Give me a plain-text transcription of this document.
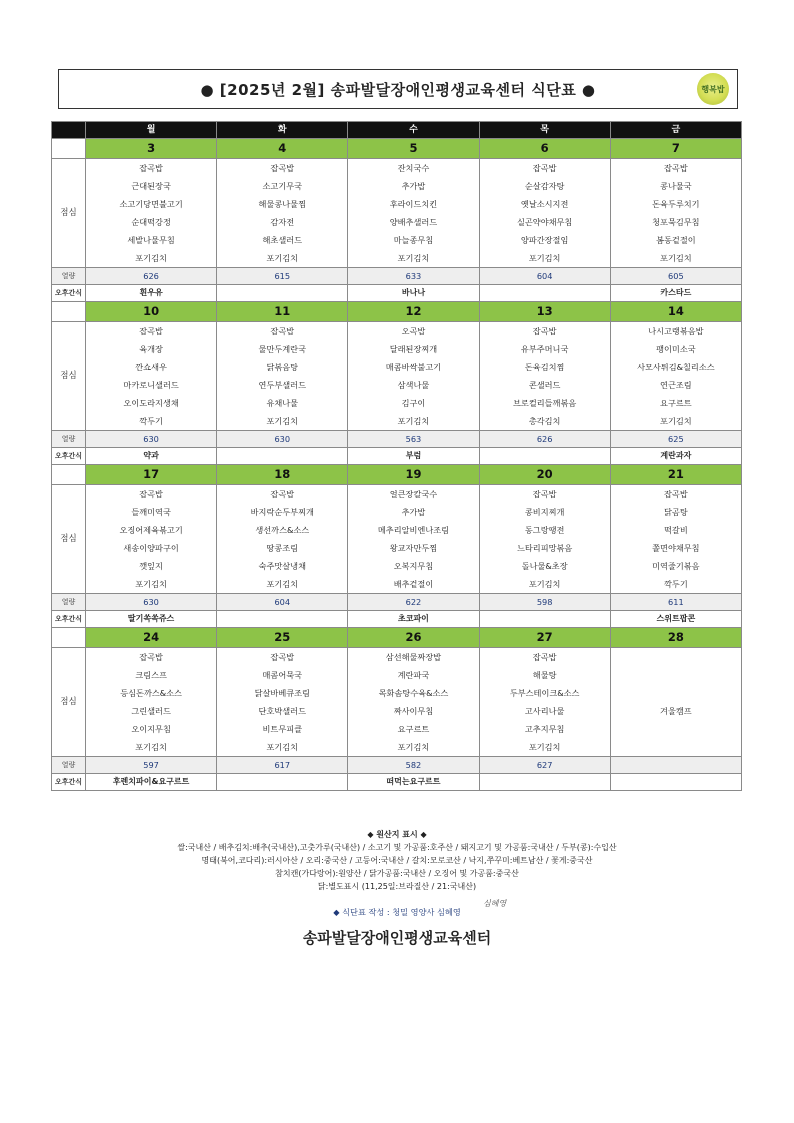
● [2025년 2월] 송파발달장애인평생교육센터 식단표 ●	행복밥
	월	화	수	목	금
	3	4	5	6	7
점심	잡곡밥	잡곡밥	잔치국수	잡곡밥	잡곡밥
	근대된장국	소고기무국	추가밥	순살감자탕	콩나물국
	소고기당면불고기	해물콩나물찜	후라이드치킨	옛날소시지전	돈육두루치기
	순대떡강정	감자전	양배추샐러드	실곤약야채무침	청포묵김무침
	세발나물무침	해초샐러드	마늘종무침	양파간장절임	봄동겉절이
	포기김치	포기김치	포기김치	포기김치	포기김치
열량	626	615	633	604	605
오후간식	흰우유		바나나		카스타드
	10	11	12	13	14
점심	잡곡밥	잡곡밥	오곡밥	잡곡밥	나시고랭볶음밥
	육개장	물만두계란국	달래된장찌개	유부주머니국	팽이미소국
	깐쇼새우	닭볶음탕	매콤바싹불고기	돈육김치찜	사모사튀김&칠리소스
	마카로니샐러드	연두부샐러드	삼색나물	콘샐러드	연근조림
	오이도라지생채	유채나물	김구이	브로컬리들깨볶음	요구르트
	깍두기	포기김치	포기김치	총각김치	포기김치
열량	630	630	563	626	625
오후간식	약과		부럼		계란과자
	17	18	19	20	21
점심	잡곡밥	잡곡밥	얼큰장칼국수	잡곡밥	잡곡밥
	들깨미역국	바지락순두부찌개	추가밥	콩비지찌개	닭곰탕
	오징어제육볶고기	생선까스&소스	메추리알비엔나조림	동그랑땡전	떡갈비
	새송이양파구이	땅콩조림	왕교자만두찜	느타리피망볶음	쫄면야채무침
	깻잎지	숙주맛살냉채	오복지무침	돌나물&초장	미역줄기볶음
	포기김치	포기김치	배추겉절이	포기김치	깍두기
열량	630	604	622	598	611
오후간식	딸기쏙쏙쥬스		초코파이		스위트팝콘
	24	25	26	27	28
점심	잡곡밥	잡곡밥	삼선해물짜장밥	잡곡밥	
	크림스프	매콤어묵국	계란파국	해물탕	
	등심돈까스&소스	닭살바베큐조림	목화솜탕수육&소스	두부스테이크&소스	
	그린샐러드	단호박샐러드	짜사이무침	고사리나물	겨울캠프
	오이지무침	비트무피클	요구르트	고추지무침	
	포기김치	포기김치	포기김치	포기김치	
열량	597	617	582	627	
오후간식	후렌치파이&요구르트		떠먹는요구르트		
◆ 원산지 표시 ◆
쌀:국내산 / 배추김치:배추(국내산),고춧가루(국내산) / 소고기 및 가공품:호주산 / 돼지고기 및 가공품:국내산 / 두부(콩):수입산
명태(북어,코다리):러시아산 / 오리:중국산 / 고등어:국내산 / 갈치:모로코산 / 낙지,쭈꾸미:베트남산 / 꽃게:중국산
참치캔(가다랑어):원양산 / 닭가공품:국내산 / 오징어 및 가공품:중국산
닭:별도표시 (11,25일:브라질산 / 21:국내산)
◆ 식단표 작성 : 청밀 영양사 심혜영
심혜영
송파발달장애인평생교육센터
